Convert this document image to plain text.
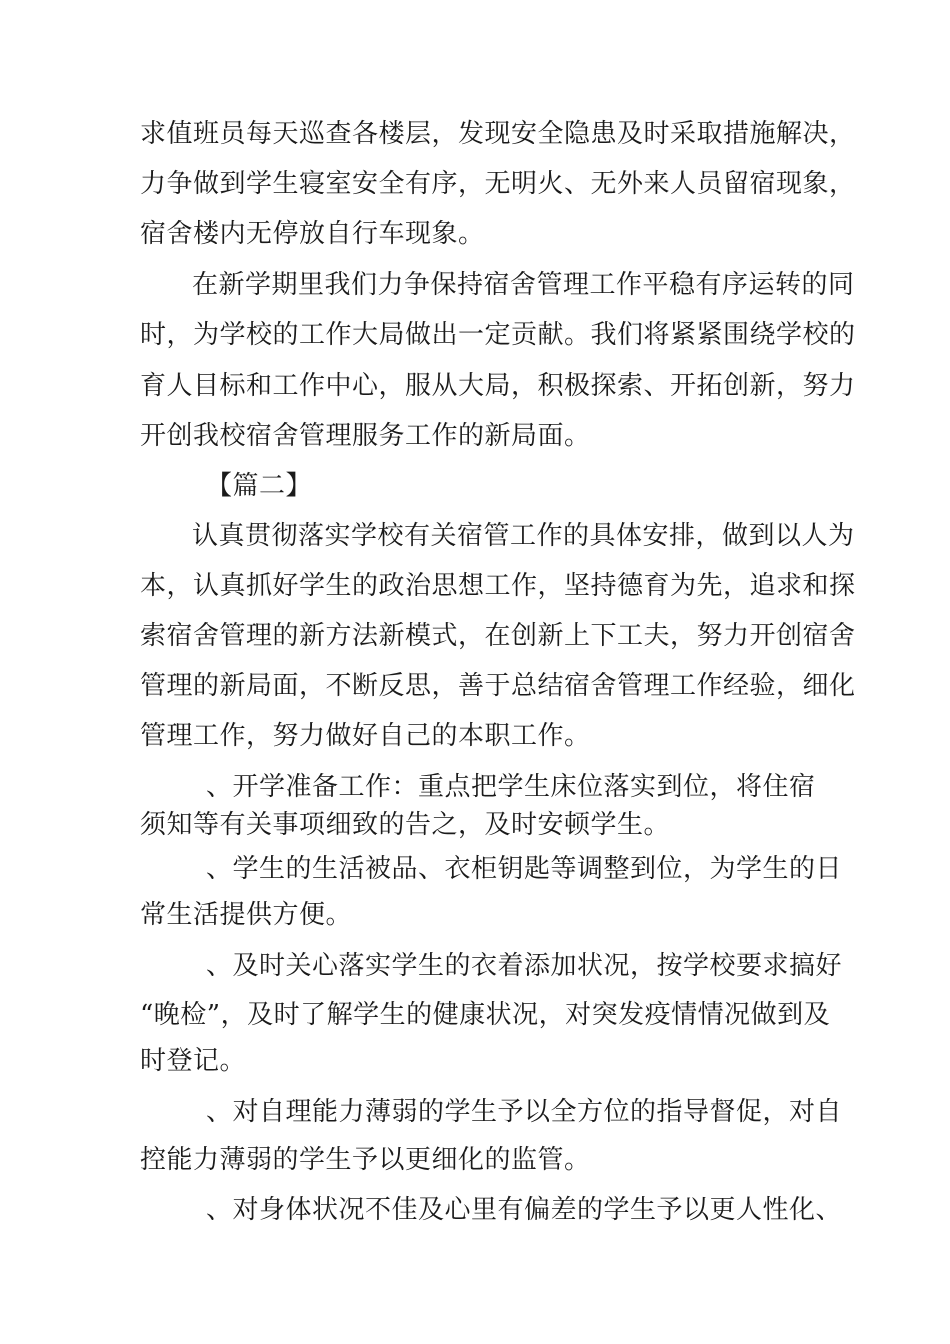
求值班员每天巡查各楼层，发现安全隐患及时采取措施解决，
力争做到学生寝室安全有序，无明火、无外来人员留宿现象，
宿舍楼内无停放自行车现象。
在新学期里我们力争保持宿舍管理工作平稳有序运转的同
时，为学校的工作大局做出一定贡献。我们将紧紧围绕学校的
育人目标和工作中心，服从大局，积极探索、开拓创新，努力
开创我校宿舍管理服务工作的新局面。
【篇二】
认真贯彻落实学校有关宿管工作的具体安排，做到以人为
本，认真抓好学生的政治思想工作，坚持德育为先，追求和探
索宿舍管理的新方法新模式，在创新上下工夫，努力开创宿舍
管理的新局面，不断反思，善于总结宿舍管理工作经验，细化
管理工作，努力做好自己的本职工作。
、开学准备工作：重点把学生床位落实到位，将住宿
须知等有关事项细致的告之，及时安顿学生。
、学生的生活被品、衣柜钥匙等调整到位，为学生的日
常生活提供方便。
、及时关心落实学生的衣着添加状况，按学校要求搞好
“晚检”，及时了解学生的健康状况，对突发疫情情况做到及
时登记。
、对自理能力薄弱的学生予以全方位的指导督促，对自
控能力薄弱的学生予以更细化的监管。
、对身体状况不佳及心里有偏差的学生予以更人性化、
